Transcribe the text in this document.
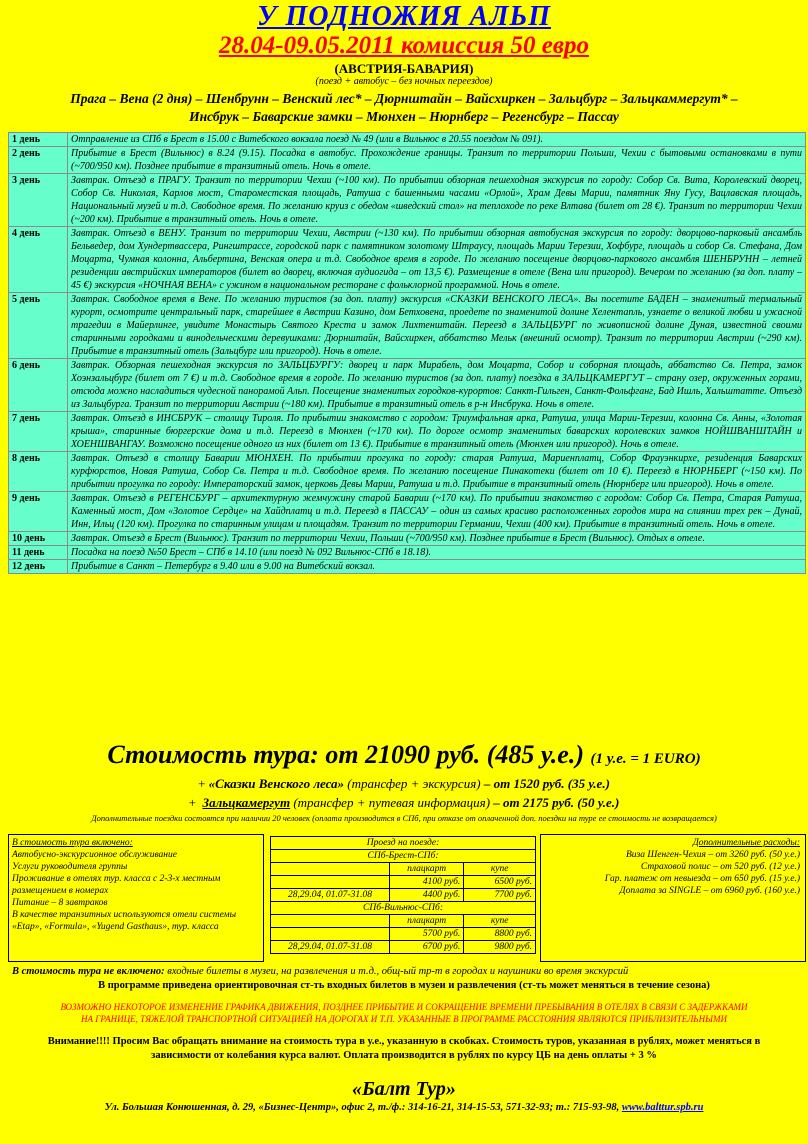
У ПОДНОЖИЯ АЛЬП
28.04-09.05.2011 комиссия 50 евро
(АВСТРИЯ-БАВАРИЯ)
(поезд + автобус – без ночных переездов)
Прага – Вена (2 дня) – Шенбрунн – Венский лес* – Дюрнштайн – Вайсхиркен – Зальцбург – Зальцкаммергут* –
Инсбрук – Баварские замки – Мюнхен – Нюрнберг – Регенсбург – Пассау
1 день	Отправление из СПб в Брест в 15.00 с Витебского вокзала поезд № 49 (или в Вильнюс в 20.55 поездом № 091).
2 день	Прибытие в Брест (Вильнюс) в 8.24 (9.15). Посадка в автобус. Прохождение границы. Транзит по территории Польши, Чехии с бытовыми остановками в пути (~700/950 км). Позднее прибытие в транзитный отель. Ночь в отеле.
3 день	Завтрак. Отъезд в ПРАГУ. Транзит по территории Чехии (~100 км). По прибытии обзорная пешеходная экскурсия по городу: Собор Св. Вита, Королевский дворец, Собор Св. Николая, Карлов мост, Староместская площадь, Ратуша с башенными часами «Орлой», Храм Девы Марии, памятник Яну Гусу, Вацлавская площадь, Национальный музей и т.д. Свободное время. По желанию круиз с обедом «шведский стол» на теплоходе по реке Влтава (билет от 28 €). Транзит по территории Чехии (~200 км). Прибытие в транзитный отель. Ночь в отеле.
4 день	Завтрак. Отъезд в ВЕНУ. Транзит по территории Чехии, Австрии (~130 км). По прибытии обзорная автобусная экскурсия по городу: дворцово-парковый ансамбль Бельведер, дом Хундертвассера, Рингштрассе, городской парк с памятником золотому Штраусу, площадь Марии Терезии, Хофбург, площадь и собор Св. Стефана, Дом Моцарта, Чумная колонна, Альбертина, Венская опера и т.д. Свободное время в городе. По желанию посещение дворцово-паркового ансамбля ШЕНБРУНН – летней резиденции австрийских императоров (билет во дворец, включая аудиогида – от 13,5 €). Размещение в отеле (Вена или пригород). Вечером по желанию (за доп. плату – 45 €) экскурсия «НОЧНАЯ ВЕНА» с ужином в национальном ресторане с фольклорной программой. Ночь в отеле.
5 день	Завтрак. Свободное время в Вене. По желанию туристов (за доп. плату) экскурсия «СКАЗКИ ВЕНСКОГО ЛЕСА». Вы посетите БАДЕН – знаменитый термальный курорт, осмотрите центральный парк, старейшее в Австрии Казино, дом Бетховена, проедете по знаменитой долине Хелентапль, узнаете о великой любви и ужасной трагедии в Майерлинге, увидите Монастырь Святого Креста и замок Лихтенштайн. Переезд в ЗАЛЬЦБУРГ по живописной долине Дуная, известной своими старинными городками и винодельческими деревушками: Дюрнштайн, Вайсхиркен, аббатство Мельк (внешний осмотр). Транзит по территории Австрии (~290 км). Прибытие в транзитный отель (Зальцбург или пригород). Ночь в отеле.
6 день	Завтрак. Обзорная пешеходная экскурсия по ЗАЛЬЦБУРГУ: дворец и парк Мирабель, дом Моцарта, Собор и соборная площадь, аббатство Св. Петра, замок Хоэнзальцбург (билет от 7 €) и т.д. Свободное время в городе. По желанию туристов (за доп. плату) поездка в ЗАЛЬЦКАМЕРГУТ – страну озер, окруженных горами, отсюда можно насладиться чудесной панорамой Альп. Посещение знаменитых городков-курортов: Санкт-Гильген, Санкт-Фольфганг, Бад Ишль, Хальштатте. Отъезд из Зальцбурга. Транзит по территории Австрии (~180 км). Прибытие в транзитный отель в р-н Инсбрука. Ночь в отеле.
7 день	Завтрак. Отъезд в ИНСБРУК – столицу Тироля. По прибытии знакомство с городом: Триумфальная арка, Ратуша, улица Марии-Терезии, колонна Св. Анны, «Золотая крыша», старинные бюргерские дома и т.д. Переезд в Мюнхен (~170 км). По дороге осмотр знаменитых баварских королевских замков НОЙШВАНШТАЙН и ХОЕНШВАНГАУ. Возможно посещение одного из них (билет от 13 €). Прибытие в транзитный отель (Мюнхен или пригород). Ночь в отеле.
8 день	Завтрак. Отъезд в столицу Баварии МЮНХЕН. По прибытии прогулка по городу: старая Ратуша, Мариенплатц, Собор Фрауэнкирхе, резиденция Баварских курфюрстов, Новая Ратуша, Собор Св. Петра и т.д. Свободное время. По желанию посещение Пинакотеки (билет от 10 €). Переезд в НЮРНБЕРГ (~150 км). По прибытии прогулка по городу: Императорский замок, церковь Девы Марии, Ратуша и т.д. Прибытие в транзитный отель (Нюрнберг или пригород). Ночь в отеле.
9 день	Завтрак. Отъезд в РЕГЕНСБУРГ – архитектурную жемчужину старой Баварии (~170 км). По прибытии знакомство с городом: Собор Св. Петра, Старая Ратуша, Каменный мост, Дом «Золотое Сердце» на Хайдплатц и т.д. Переезд в ПАССАУ – один из самых красиво расположенных городов мира на слиянии трех рек – Дунай, Инн, Ильц (120 км). Прогулка по старинным улицам и площадям. Транзит по территории Германии, Чехии (400 км). Прибытие в транзитный отель. Ночь в отеле.
10 день	Завтрак. Отъезд в Брест (Вильнюс). Транзит по территории Чехии, Польши (~700/950 км). Позднее прибытие в Брест (Вильнюс). Отдых в отеле.
11 день	Посадка на поезд №50 Брест – СПб в 14.10 (или поезд № 092 Вильнюс-СПб в 18.18).
12 день	Прибытие в Санкт – Петербург в 9.40 или в 9.00 на Витебский вокзал.
Стоимость тура: от 21090 руб. (485 у.е.) (1 у.е. = 1 EURO)
+ «Сказки Венского леса» (трансфер + экскурсия) – от 1520 руб. (35 у.е.)
+  Зальцкамергут (трансфер + путевая информация) – от 2175 руб. (50 у.е.)
Дополнительные поездки состоятся при наличии 20 человек (оплата производится в СПб, при отказе от оплаченной доп. поездки на туре ее стоимость не возвращается)
В стоимость тура включено:
Автобусно-экскурсионное обслуживание
Услуги руководителя группы
Проживание в отелях тур. класса с 2-3-х местным размещением в номерах
Питание – 8 завтраков
В качестве транзитных используются отели системы «Etap», «Formula», «Yugend Gasthaus», тур. класса
Проезд на поезде:		
СПб-Брест-СПб:		
	плацкарт	купе
	4100 руб.	6500 руб.
28,29.04, 01.07-31.08	4400 руб.	7700 руб.
СПб-Вильнюс-СПб:		
	плацкарт	купе
	5700 руб.	8800 руб.
28,29.04, 01.07-31.08	6700 руб.	9800 руб.
Дополнительные расходы:
Виза Шенген-Чехия – от 3260 руб. (50 у.е.)
Страховой полис – от 520 руб. (12 у.е.)
Гар. платеж от невыезда – от 650 руб. (15 у.е.)
Доплата за SINGLE – от 6960 руб. (160 у.е.)
В стоимость тура не включено: входные билеты в музеи, на развлечения и т.д., общ-ый тр-т в городах и наушники во время экскурсий
В программе приведена ориентировочная ст-ть входных билетов в музеи и развлечения (ст-ть может меняться в течение сезона)
ВОЗМОЖНО НЕКОТОРОЕ ИЗМЕНЕНИЕ ГРАФИКА ДВИЖЕНИЯ, ПОЗДНЕЕ ПРИБЫТИЕ И СОКРАЩЕНИЕ ВРЕМЕНИ ПРЕБЫВАНИЯ В ОТЕЛЯХ В СВЯЗИ С ЗАДЕРЖКАМИ НА ГРАНИЦЕ, ТЯЖЕЛОЙ ТРАНСПОРТНОЙ СИТУАЦИЕЙ НА ДОРОГАХ И Т.П. УКАЗАННЫЕ В ПРОГРАММЕ РАССТОЯНИЯ ЯВЛЯЮТСЯ ПРИБЛИЗИТЕЛЬНЫМИ
Внимание!!!! Просим Вас обращать внимание на стоимость тура в у.е., указанную в скобках. Стоимость туров, указанная в рублях, может меняться в зависимости от колебания курса валют. Оплата производится в рублях по курсу ЦБ на день оплаты + 3 %
«Балт Тур»
Ул. Большая Конюшенная, д. 29, «Бизнес-Центр», офис 2, т./ф.: 314-16-21, 314-15-53, 571-32-93; т.: 715-93-98, www.balttur.spb.ru
